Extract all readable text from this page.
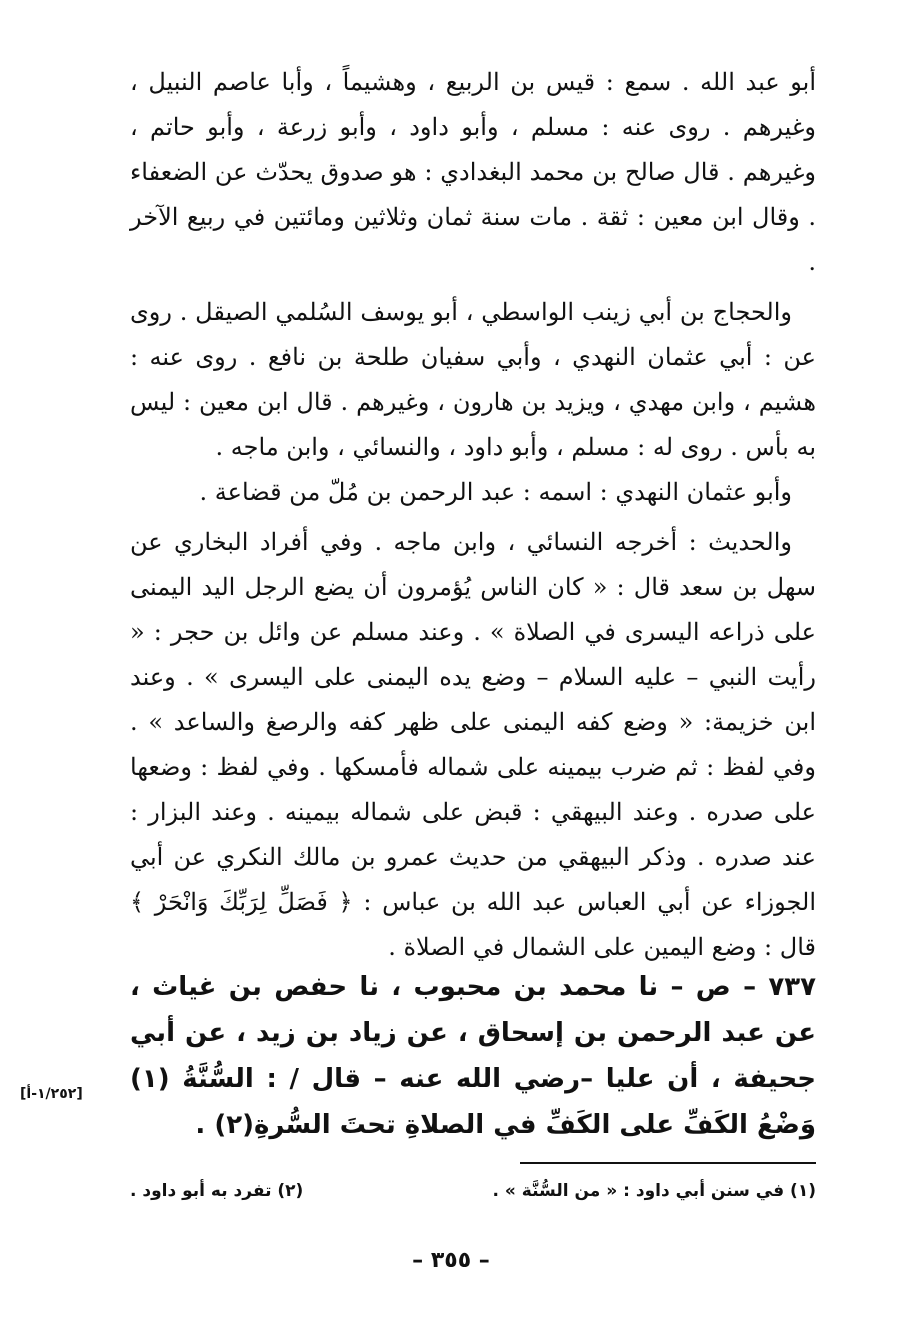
أبو عبد الله . سمع : قيس بن الربيع ، وهشيماً ، وأبا عاصم النبيل ، وغيرهم . روى عنه : مسلم ، وأبو داود ، وأبو زرعة ، وأبو حاتم ، وغيرهم . قال صالح بن محمد البغدادي : هو صدوق يحدّث عن الضعفاء . وقال ابن معين : ثقة . مات سنة ثمان وثلاثين ومائتين في ربيع الآخر .

والحجاج بن أبي زينب الواسطي ، أبو يوسف السُلمي الصيقل . روى عن : أبي عثمان النهدي ، وأبي سفيان طلحة بن نافع . روى عنه : هشيم ، وابن مهدي ، ويزيد بن هارون ، وغيرهم . قال ابن معين : ليس به بأس . روى له : مسلم ، وأبو داود ، والنسائي ، وابن ماجه .

وأبو عثمان النهدي : اسمه : عبد الرحمن بن مُلّ من قضاعة .

والحديث : أخرجه النسائي ، وابن ماجه . وفي أفراد البخاري عن سهل بن سعد قال : « كان الناس يُؤمرون أن يضع الرجل اليد اليمنى على ذراعه اليسرى في الصلاة » . وعند مسلم عن وائل بن حجر : « رأيت النبي – عليه السلام – وضع يده اليمنى على اليسرى » . وعند ابن خزيمة: « وضع كفه اليمنى على ظهر كفه والرصغ والساعد » . وفي لفظ : ثم ضرب بيمينه على شماله فأمسكها . وفي لفظ : وضعها على صدره . وعند البيهقي : قبض على شماله بيمينه . وعند البزار : عند صدره . وذكر البيهقي من حديث عمرو بن مالك النكري عن أبي الجوزاء عن أبي العباس عبد الله بن عباس : ﴿ فَصَلِّ لِرَبِّكَ وَانْحَرْ ﴾ قال : وضع اليمين على الشمال في الصلاة .

٧٣٧ – ص – نا محمد بن محبوب ، نا حفص بن غياث ، عن عبد الرحمن بن إسحاق ، عن زياد بن زيد ، عن أبي جحيفة ، أن عليا –رضي الله عنه – قال / : السُّنَّةُ (١) وَضْعُ الكَفِّ على الكَفِّ في الصلاةِ تحتَ السُّرةِ(٢) .
[١/٢٥٢-أ]
(١) في سنن أبي داود : « من السُّنَّة » .
(٢) تفرد به أبو داود .
– ٣٥٥ –
